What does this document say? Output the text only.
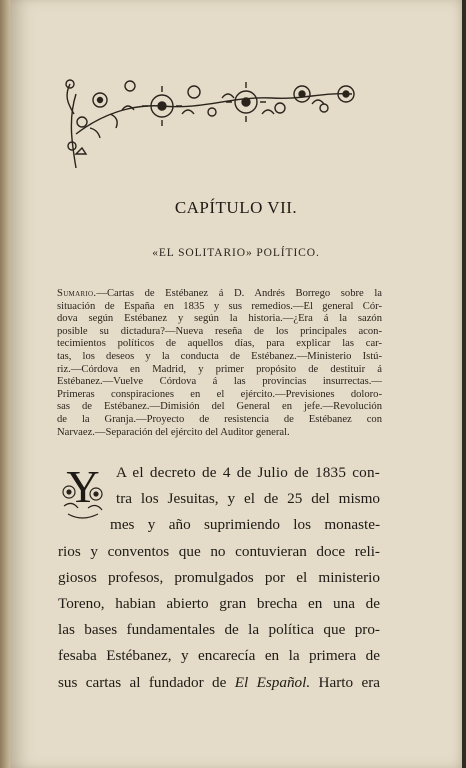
CAPÍTULO VII.
«EL SOLITARIO» POLÍTICO.
Sumario.—Cartas de Estébanez á D. Andrés Borrego sobre la
situación de España en 1835 y sus remedios.—El general Cór-
dova según Estébanez y según la historia.—¿Era á la sazón
posible su dictadura?—Nueva reseña de los principales acon-
tecimientos políticos de aquellos días, para explicar las car-
tas, los deseos y la conducta de Estébanez.—Ministerio Istú-
riz.—Córdova en Madrid, y primer propósito de destituir á
Estébanez.—Vuelve Córdova á las provincias insurrectas.—
Primeras conspiraciones en el ejército.—Previsiones doloro-
sas de Estébanez.—Dimisión del General en jefe.—Revolución
de la Granja.—Proyecto de resistencia de Estébanez con
Narvaez.—Separación del ejército del Auditor general.
Y A el decreto de 4 de Julio de 1835 con-
tra los Jesuitas, y el de 25 del mismo
mes y año suprimiendo los monaste-
rios y conventos que no contuvieran doce reli-
giosos profesos, promulgados por el ministerio
Toreno, habian abierto gran brecha en una de
las bases fundamentales de la política que pro-
fesaba Estébanez, y encarecía en la primera de
sus cartas al fundador de El Español. Harto era
